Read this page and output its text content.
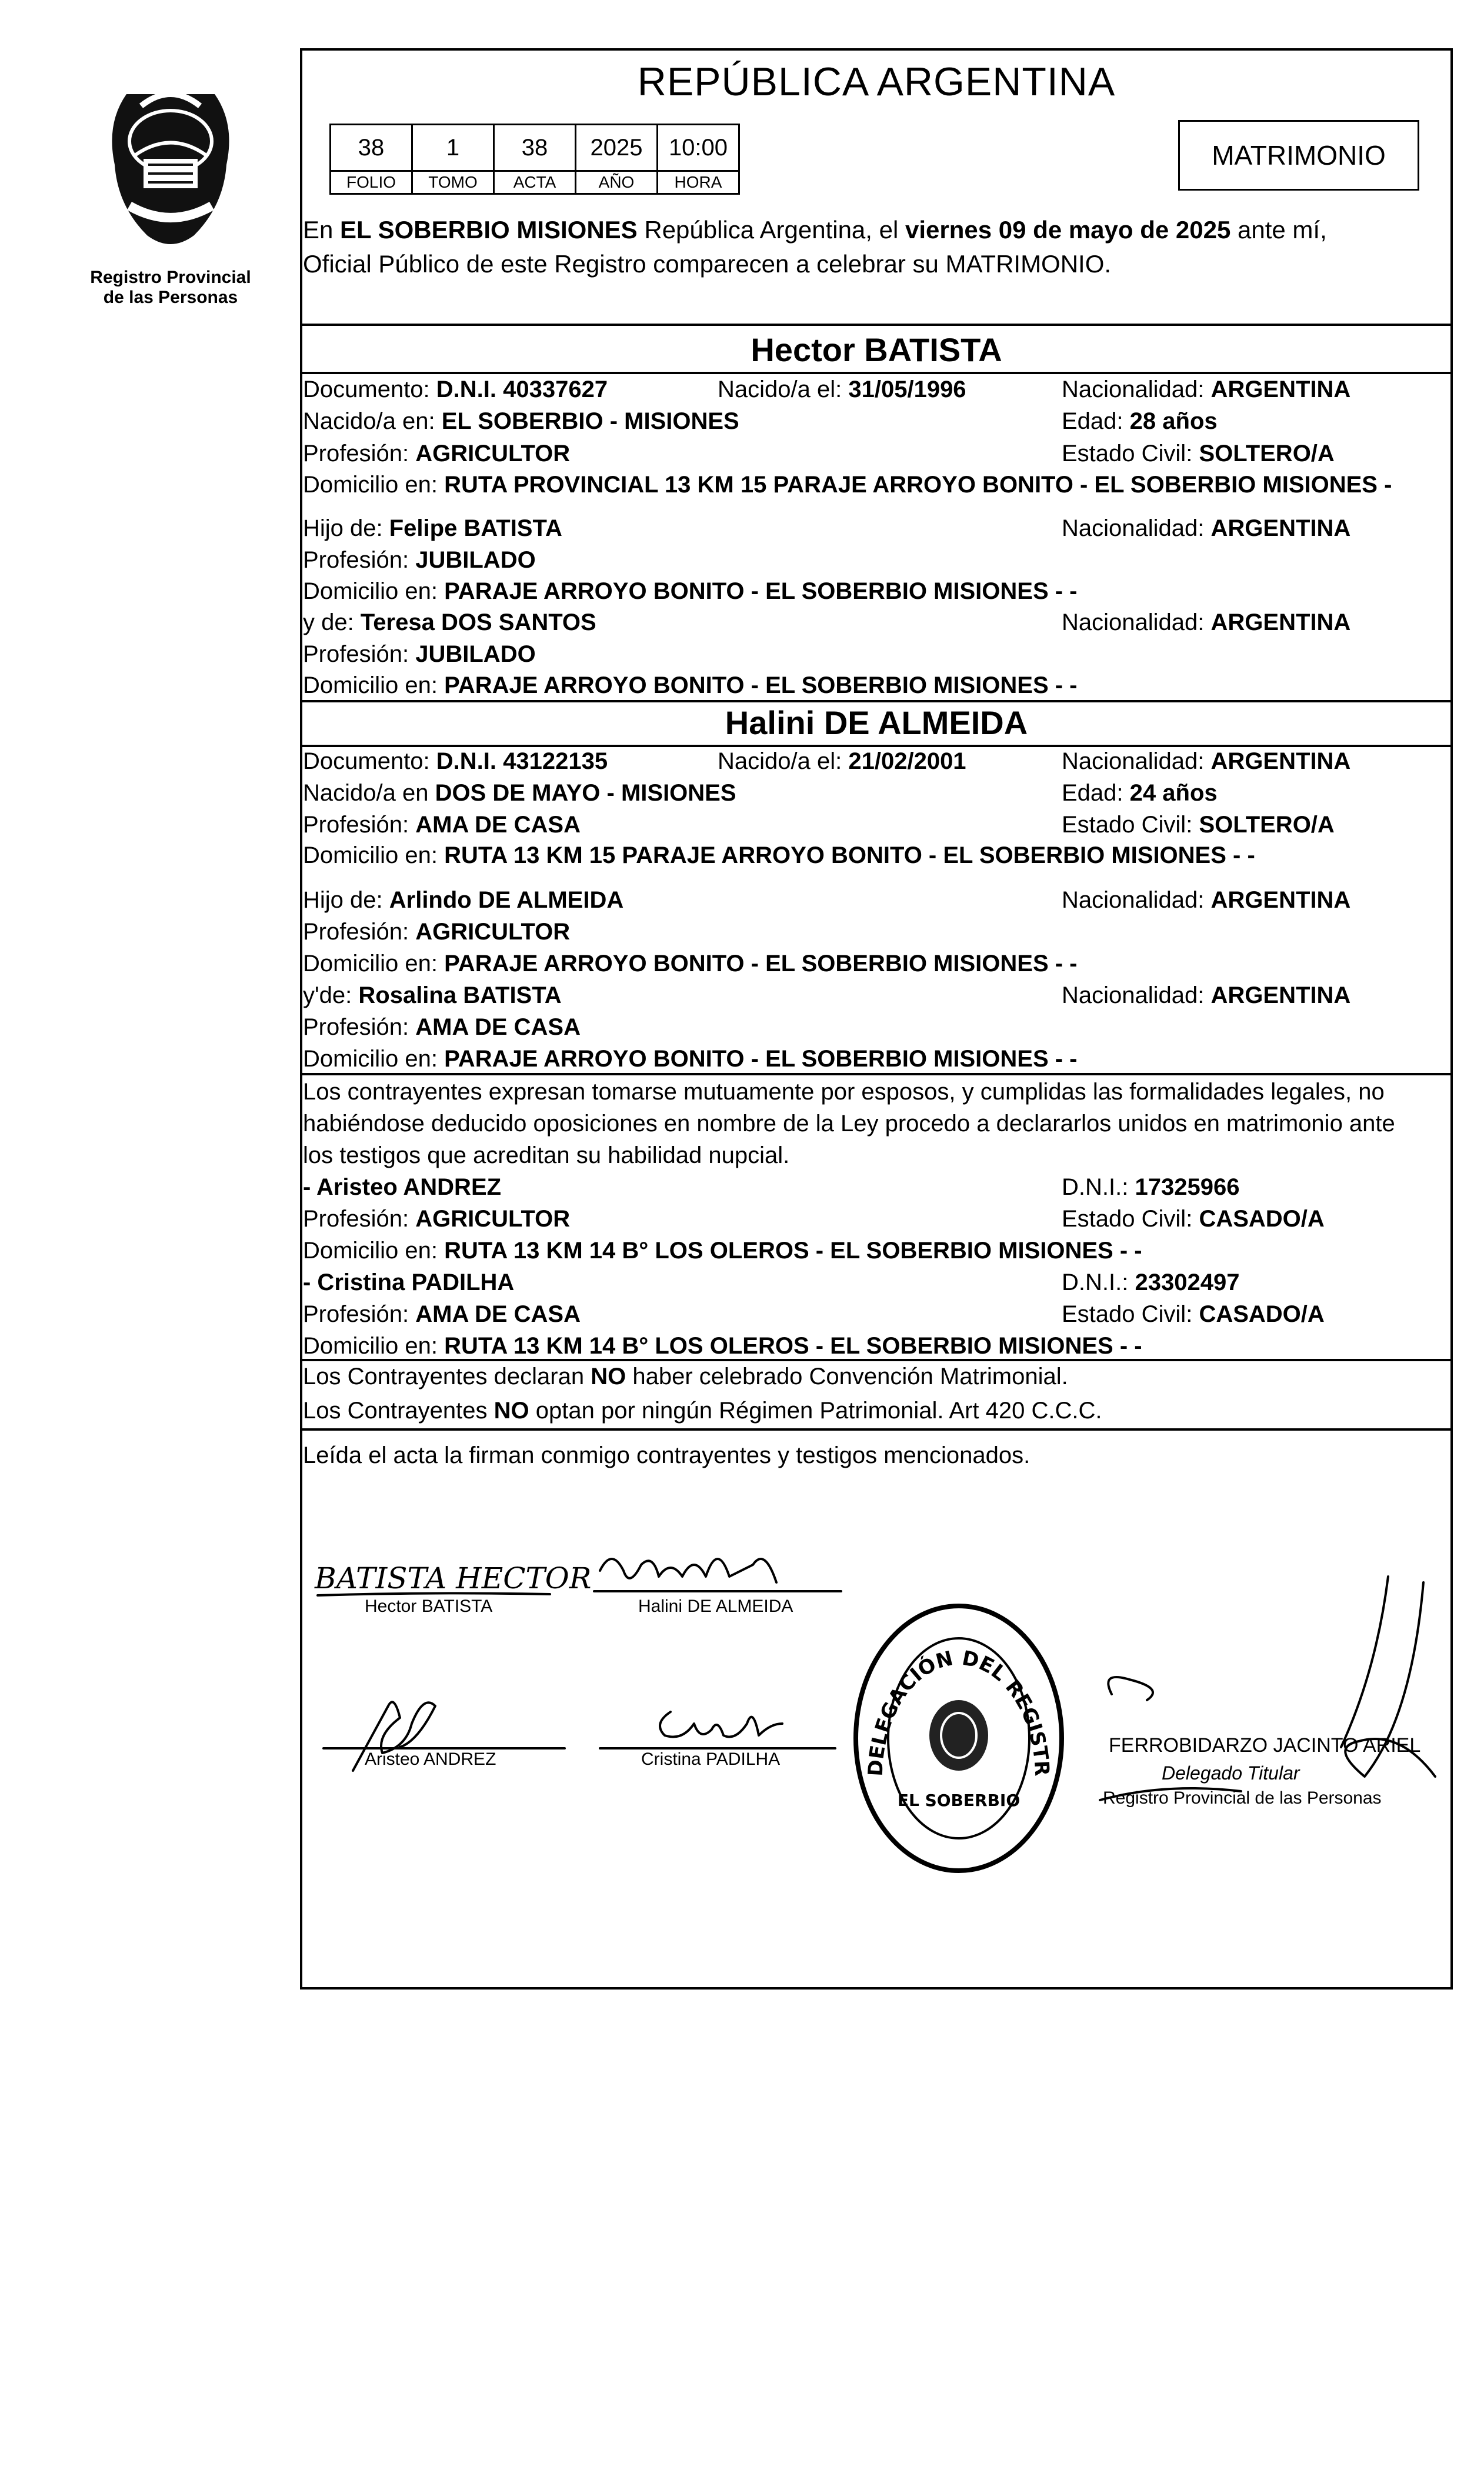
Registro Provincial
de las Personas
REPÚBLICA ARGENTINA
38	1	38	2025	10:00
FOLIO	TOMO	ACTA	AÑO	HORA
MATRIMONIO
En EL SOBERBIO MISIONES República Argentina, el viernes 09 de mayo de 2025 ante mí,
Oficial Público de este Registro comparecen a celebrar su MATRIMONIO.
Hector BATISTA
Documento: D.N.I. 40337627	Nacido/a el: 31/05/1996	Nacionalidad: ARGENTINA
Nacido/a en: EL SOBERBIO - MISIONES	Edad: 28 años
Profesión: AGRICULTOR	Estado Civil: SOLTERO/A
Domicilio en: RUTA PROVINCIAL 13 KM 15 PARAJE ARROYO BONITO - EL SOBERBIO MISIONES -
Hijo de: Felipe BATISTA	Nacionalidad: ARGENTINA
Profesión: JUBILADO
Domicilio en: PARAJE ARROYO BONITO - EL SOBERBIO MISIONES - -
y de: Teresa DOS SANTOS	Nacionalidad: ARGENTINA
Profesión: JUBILADO
Domicilio en: PARAJE ARROYO BONITO - EL SOBERBIO MISIONES - -
Halini DE ALMEIDA
Documento: D.N.I. 43122135	Nacido/a el: 21/02/2001	Nacionalidad: ARGENTINA
Nacido/a en DOS DE MAYO - MISIONES	Edad: 24 años
Profesión: AMA DE CASA	Estado Civil: SOLTERO/A
Domicilio en: RUTA 13 KM 15 PARAJE ARROYO BONITO - EL SOBERBIO MISIONES - -
Hijo de: Arlindo DE ALMEIDA	Nacionalidad: ARGENTINA
Profesión: AGRICULTOR
Domicilio en: PARAJE ARROYO BONITO - EL SOBERBIO MISIONES - -
y'de: Rosalina BATISTA	Nacionalidad: ARGENTINA
Profesión: AMA DE CASA
Domicilio en: PARAJE ARROYO BONITO - EL SOBERBIO MISIONES - -
Los contrayentes expresan tomarse mutuamente por esposos, y cumplidas las formalidades legales, no
habiéndose deducido oposiciones en nombre de la Ley procedo a declararlos unidos en matrimonio ante
los testigos que acreditan su habilidad nupcial.
- Aristeo ANDREZ	D.N.I.: 17325966
Profesión: AGRICULTOR	Estado Civil: CASADO/A
Domicilio en: RUTA 13 KM 14 B° LOS OLEROS - EL SOBERBIO MISIONES - -
- Cristina PADILHA	D.N.I.: 23302497
Profesión: AMA DE CASA	Estado Civil: CASADO/A
Domicilio en: RUTA 13 KM 14 B° LOS OLEROS - EL SOBERBIO MISIONES - -
Los Contrayentes declaran NO haber celebrado Convención Matrimonial.
Los Contrayentes NO optan por ningún Régimen Patrimonial. Art 420 C.C.C.
Leída el acta la firman conmigo contrayentes y testigos mencionados.
BATISTA HECTOR
Hector BATISTA	Halini DE ALMEIDA
Aristeo ANDREZ	Cristina PADILHA	DELEGACIÓN DEL REGISTR
EL SOBERBIO
FERROBIDARZO JACINTO ARIEL
Delegado Titular
Registro Provincial de las Personas
